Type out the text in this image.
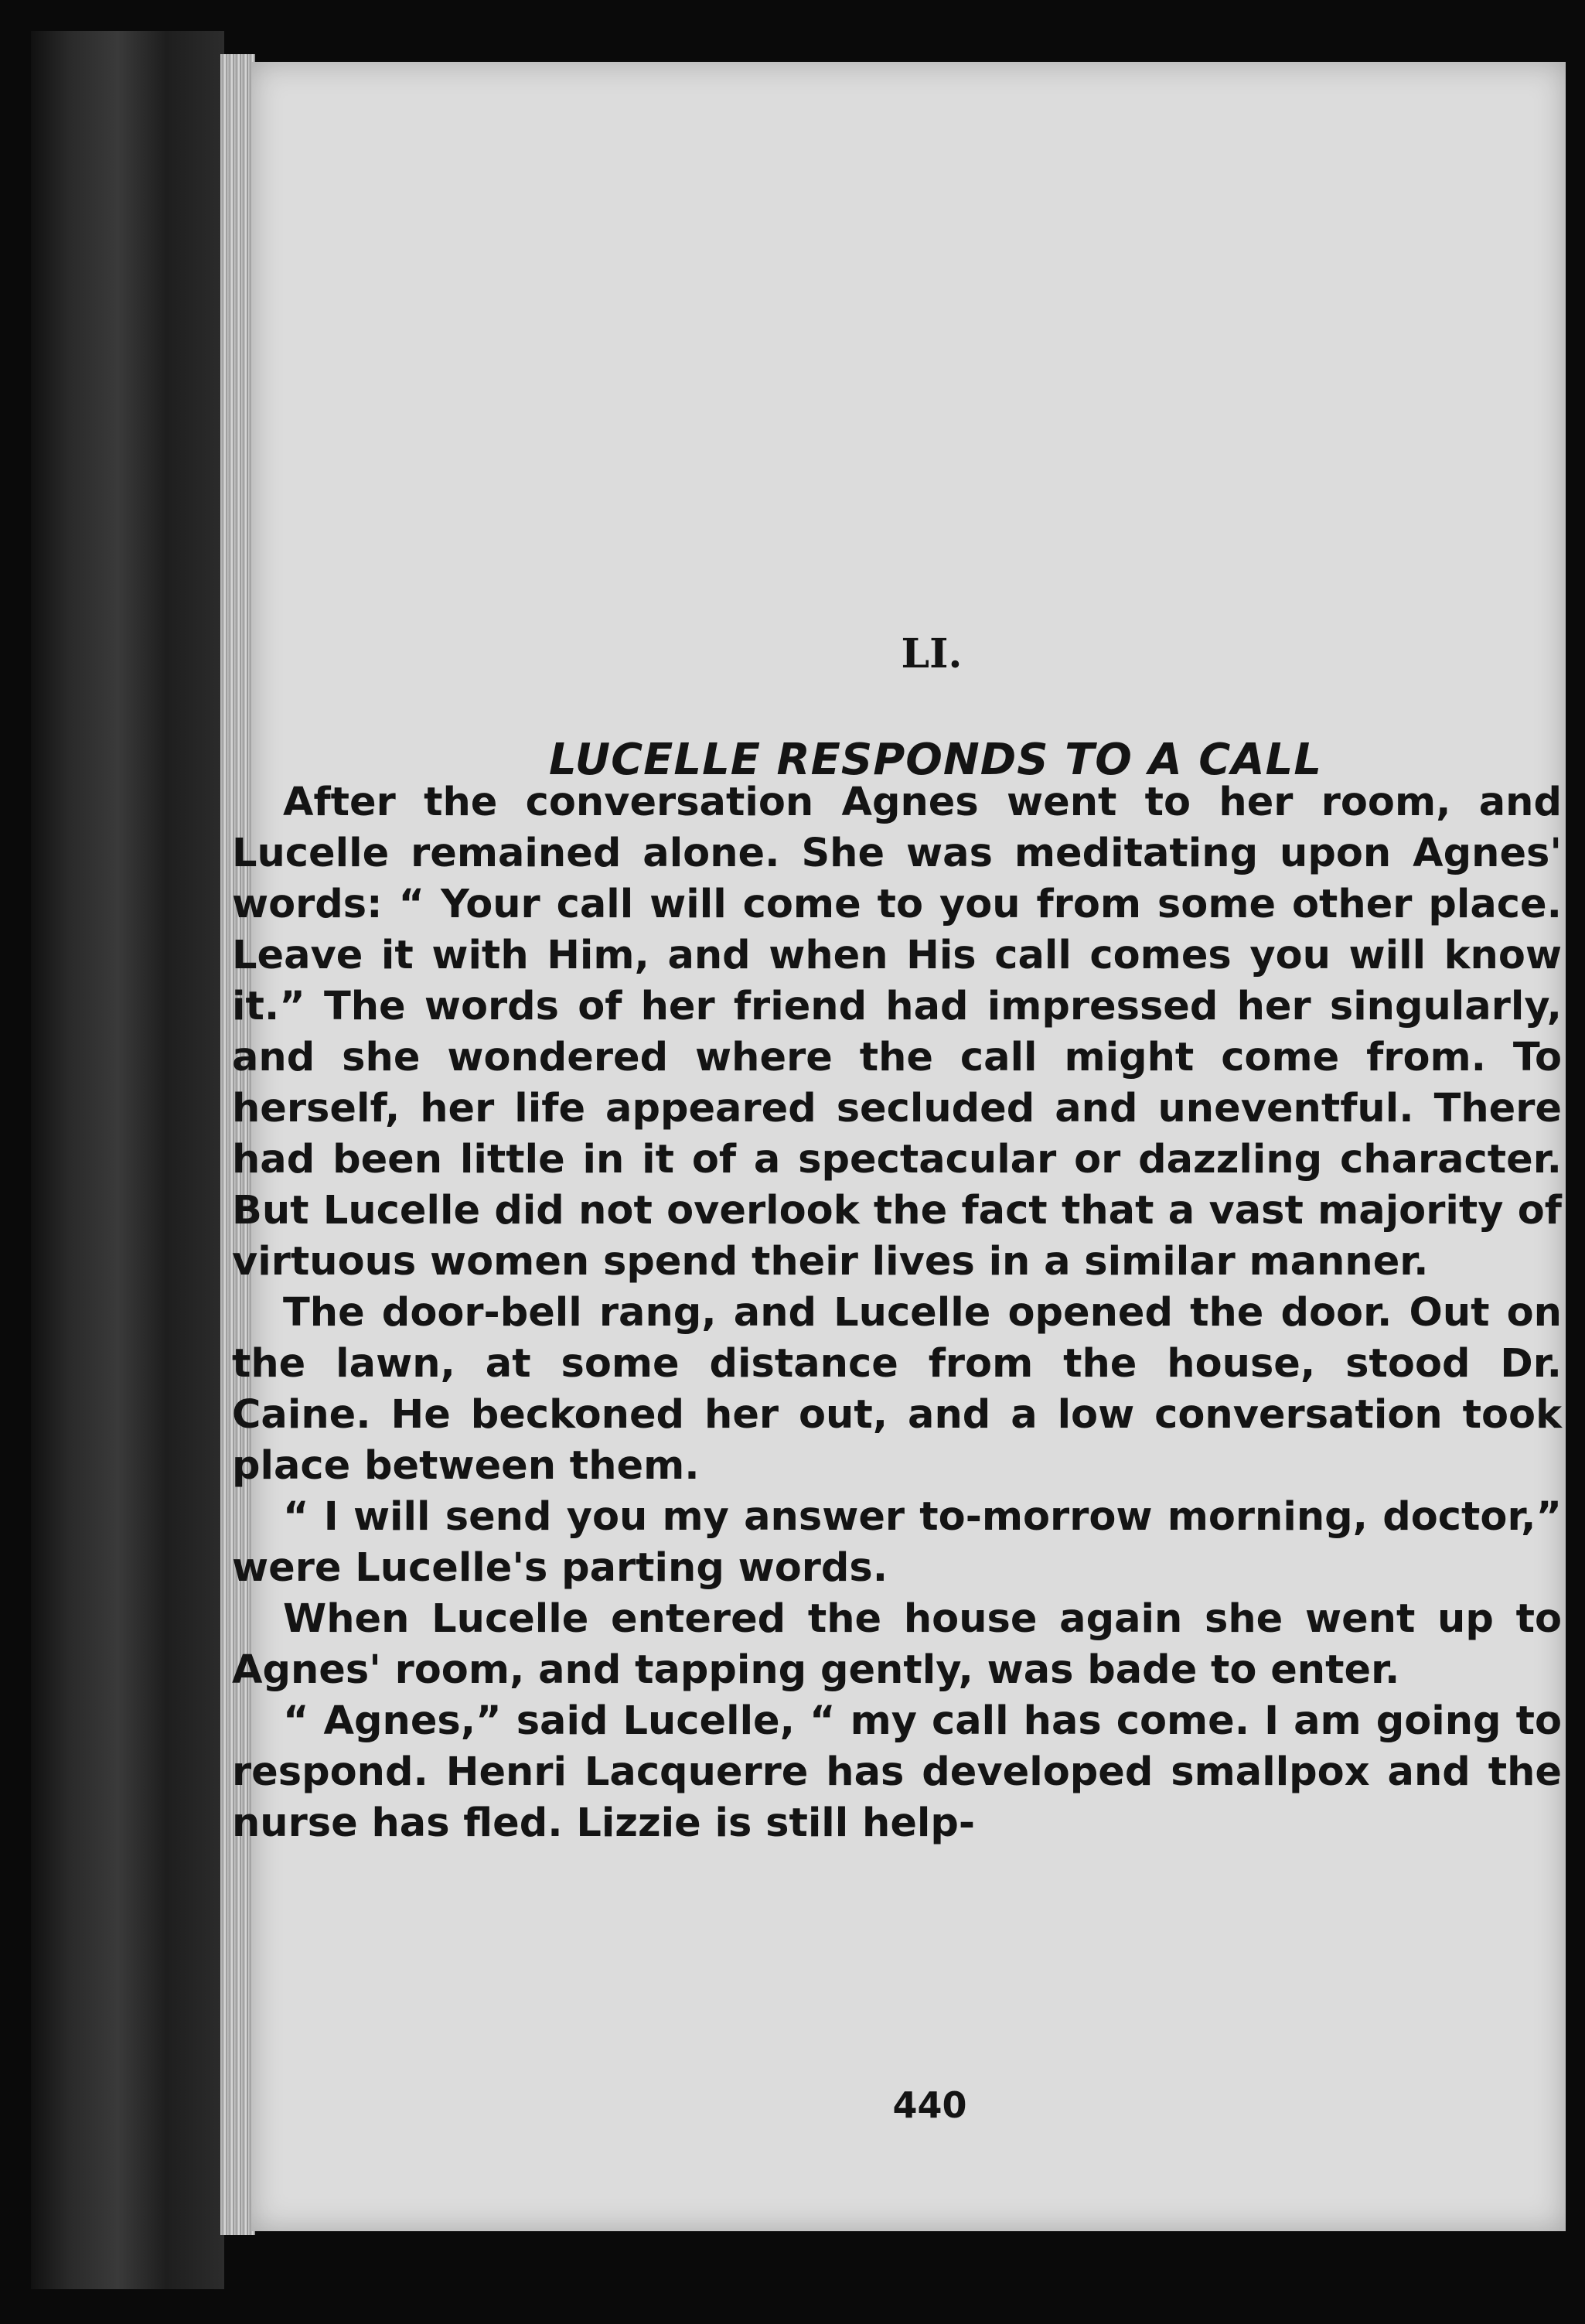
LI.
LUCELLE RESPONDS TO A CALL
440

After the conversation Agnes went to her room, and Lucelle remained alone. She was meditating upon Agnes' words: “ Your call will come to you from some other place. Leave it with Him, and when His call comes you will know it.” The words of her friend had impressed her singularly, and she wondered where the call might come from. To herself, her life appeared secluded and uneventful. There had been little in it of a spectacular or dazzling character. But Lucelle did not overlook the fact that a vast majority of virtuous women spend their lives in a similar manner.

The door-bell rang, and Lucelle opened the door. Out on the lawn, at some distance from the house, stood Dr. Caine. He beckoned her out, and a low conversation took place between them.

“ I will send you my answer to-morrow morning, doctor,” were Lucelle's parting words.

When Lucelle entered the house again she went up to Agnes' room, and tapping gently, was bade to enter.

“ Agnes,” said Lucelle, “ my call has come. I am going to respond. Henri Lacquerre has developed smallpox and the nurse has fled. Lizzie is still help-
